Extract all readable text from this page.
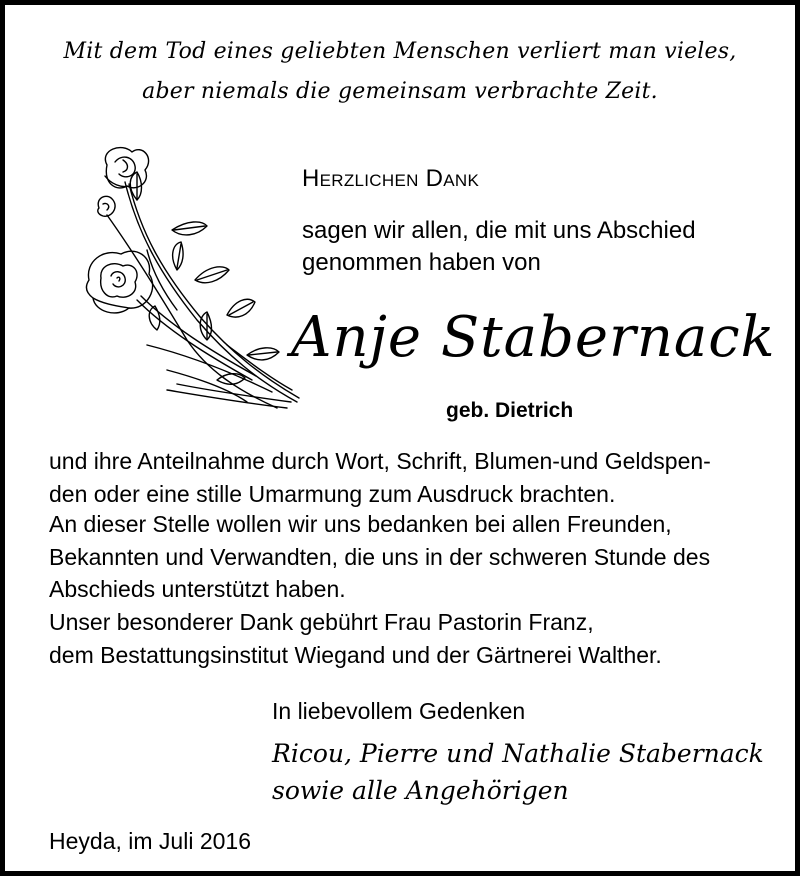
Mit dem Tod eines geliebten Menschen verliert man vieles,
aber niemals die gemeinsam verbrachte Zeit.
Herzlichen Dank
sagen wir allen, die mit uns Abschied
genommen haben von
Anje Stabernack
geb. Dietrich
und ihre Anteilnahme durch Wort, Schrift, Blumen-und Geldspen-
den oder eine stille Umarmung zum Ausdruck brachten.
An dieser Stelle wollen wir uns bedanken bei allen Freunden,
Bekannten und Verwandten, die uns in der schweren Stunde des
Abschieds unterstützt haben.
Unser besonderer Dank gebührt Frau Pastorin Franz,
dem Bestattungsinstitut Wiegand und der Gärtnerei Walther.
In liebevollem Gedenken
Ricou, Pierre und Nathalie Stabernack
sowie alle Angehörigen
Heyda, im Juli 2016
